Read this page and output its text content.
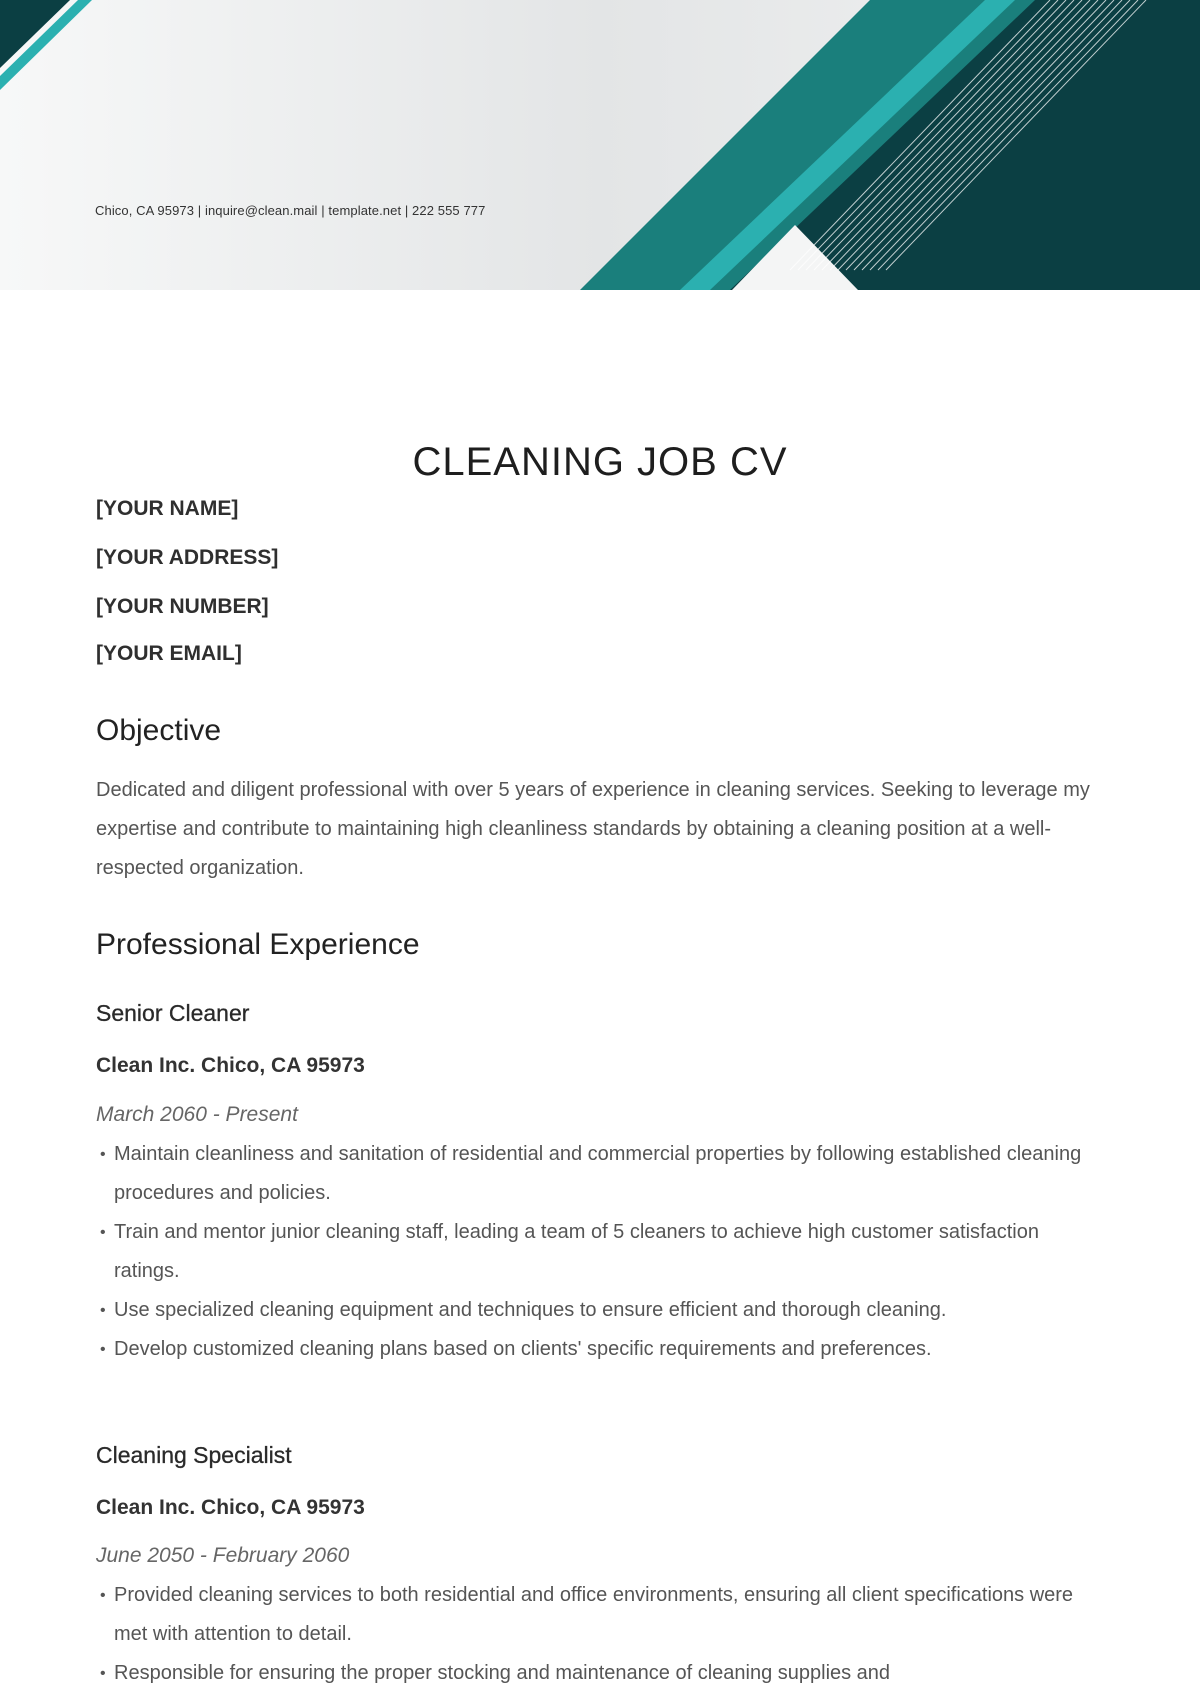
Chico, CA 95973 | inquire@clean.mail | template.net | 222 555 777
CLEANING JOB CV
[YOUR NAME]
[YOUR ADDRESS]
[YOUR NUMBER]
[YOUR EMAIL]
Objective

Dedicated and diligent professional with over 5 years of experience in cleaning services. Seeking to leverage my expertise and contribute to maintaining high cleanliness standards by obtaining a cleaning position at a well-respected organization.

Professional Experience
Senior Cleaner
Clean Inc. Chico, CA 95973
March 2060 - Present
• Maintain cleanliness and sanitation of residential and commercial properties by following established cleaning procedures and policies.
• Train and mentor junior cleaning staff, leading a team of 5 cleaners to achieve high customer satisfaction ratings.
• Use specialized cleaning equipment and techniques to ensure efficient and thorough cleaning.
• Develop customized cleaning plans based on clients' specific requirements and preferences.
Cleaning Specialist
Clean Inc. Chico, CA 95973
June 2050 - February 2060
• Provided cleaning services to both residential and office environments, ensuring all client specifications were met with attention to detail.
• Responsible for ensuring the proper stocking and maintenance of cleaning supplies and
